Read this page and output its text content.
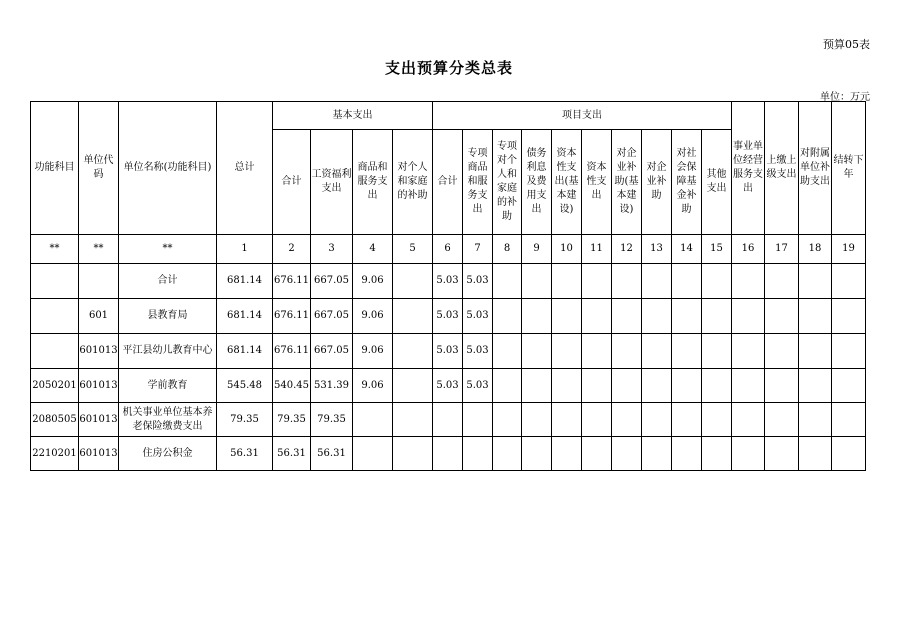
预算05表
支出预算分类总表
单位：万元
功能科目	单位代码	单位名称(功能科目)	总计	基本支出				项目支出										事业单位经营服务支出	上缴上级支出	对附属单位补助支出	结转下年
				合计	工资福利支出	商品和服务支出	对个人和家庭的补助	合计	专项商品和服务支出	专项对个人和家庭的补助	债务利息及费用支出	资本性支出(基本建设)	资本性支出	对企业补助(基本建设)	对企业补助	对社会保障基金补助	其他支出				
**	**	**	1	2	3	4	5	6	7	8	9	10	11	12	13	14	15	16	17	18	19
		合计	681.14	676.11	667.05	9.06		5.03	5.03												
	601	县教育局	681.14	676.11	667.05	9.06		5.03	5.03												
	601013	平江县幼儿教育中心	681.14	676.11	667.05	9.06		5.03	5.03												
2050201	601013	学前教育	545.48	540.45	531.39	9.06		5.03	5.03												
2080505	601013	机关事业单位基本养老保险缴费支出	79.35	79.35	79.35																
2210201	601013	住房公积金	56.31	56.31	56.31																
